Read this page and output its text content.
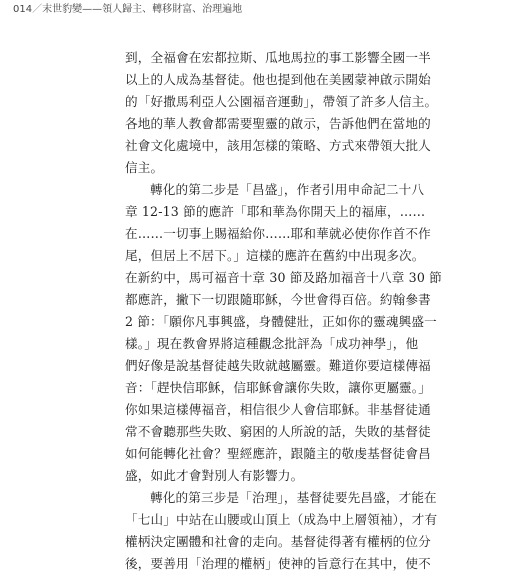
014／末世豹變——領人歸主、轉移財富、治理遍地
到，全福會在宏都拉斯、瓜地馬拉的事工影響全國一半
以上的人成為基督徒。他也提到他在美國蒙神啟示開始
的「好撒馬利亞人公園福音運動」，帶領了許多人信主。
各地的華人教會都需要聖靈的啟示，告訴他們在當地的
社會文化處境中，該用怎樣的策略、方式來帶領大批人
信主。
轉化的第二步是「昌盛」，作者引用申命記二十八
章 12-13 節的應許「耶和華為你開天上的福庫，……
在……一切事上賜福給你……耶和華就必使你作首不作
尾，但居上不居下。」這樣的應許在舊約中出現多次。
在新約中，馬可福音十章 30 節及路加福音十八章 30 節
都應許，撇下一切跟隨耶穌，今世會得百倍。約翰參書
2 節：「願你凡事興盛，身體健壯，正如你的靈魂興盛一
樣。」現在教會界將這種觀念批評為「成功神學」，他
們好像是說基督徒越失敗就越屬靈。難道你要這樣傳福
音：「趕快信耶穌，信耶穌會讓你失敗，讓你更屬靈。」
你如果這樣傳福音，相信很少人會信耶穌。非基督徒通
常不會聽那些失敗、窮困的人所說的話，失敗的基督徒
如何能轉化社會？聖經應許，跟隨主的敬虔基督徒會昌
盛，如此才會對別人有影響力。
轉化的第三步是「治理」，基督徒要先昌盛，才能在
「七山」中站在山腰或山頂上（成為中上層領袖），才有
權柄決定團體和社會的走向。基督徒得著有權柄的位分
後，要善用「治理的權柄」使神的旨意行在其中，使不
